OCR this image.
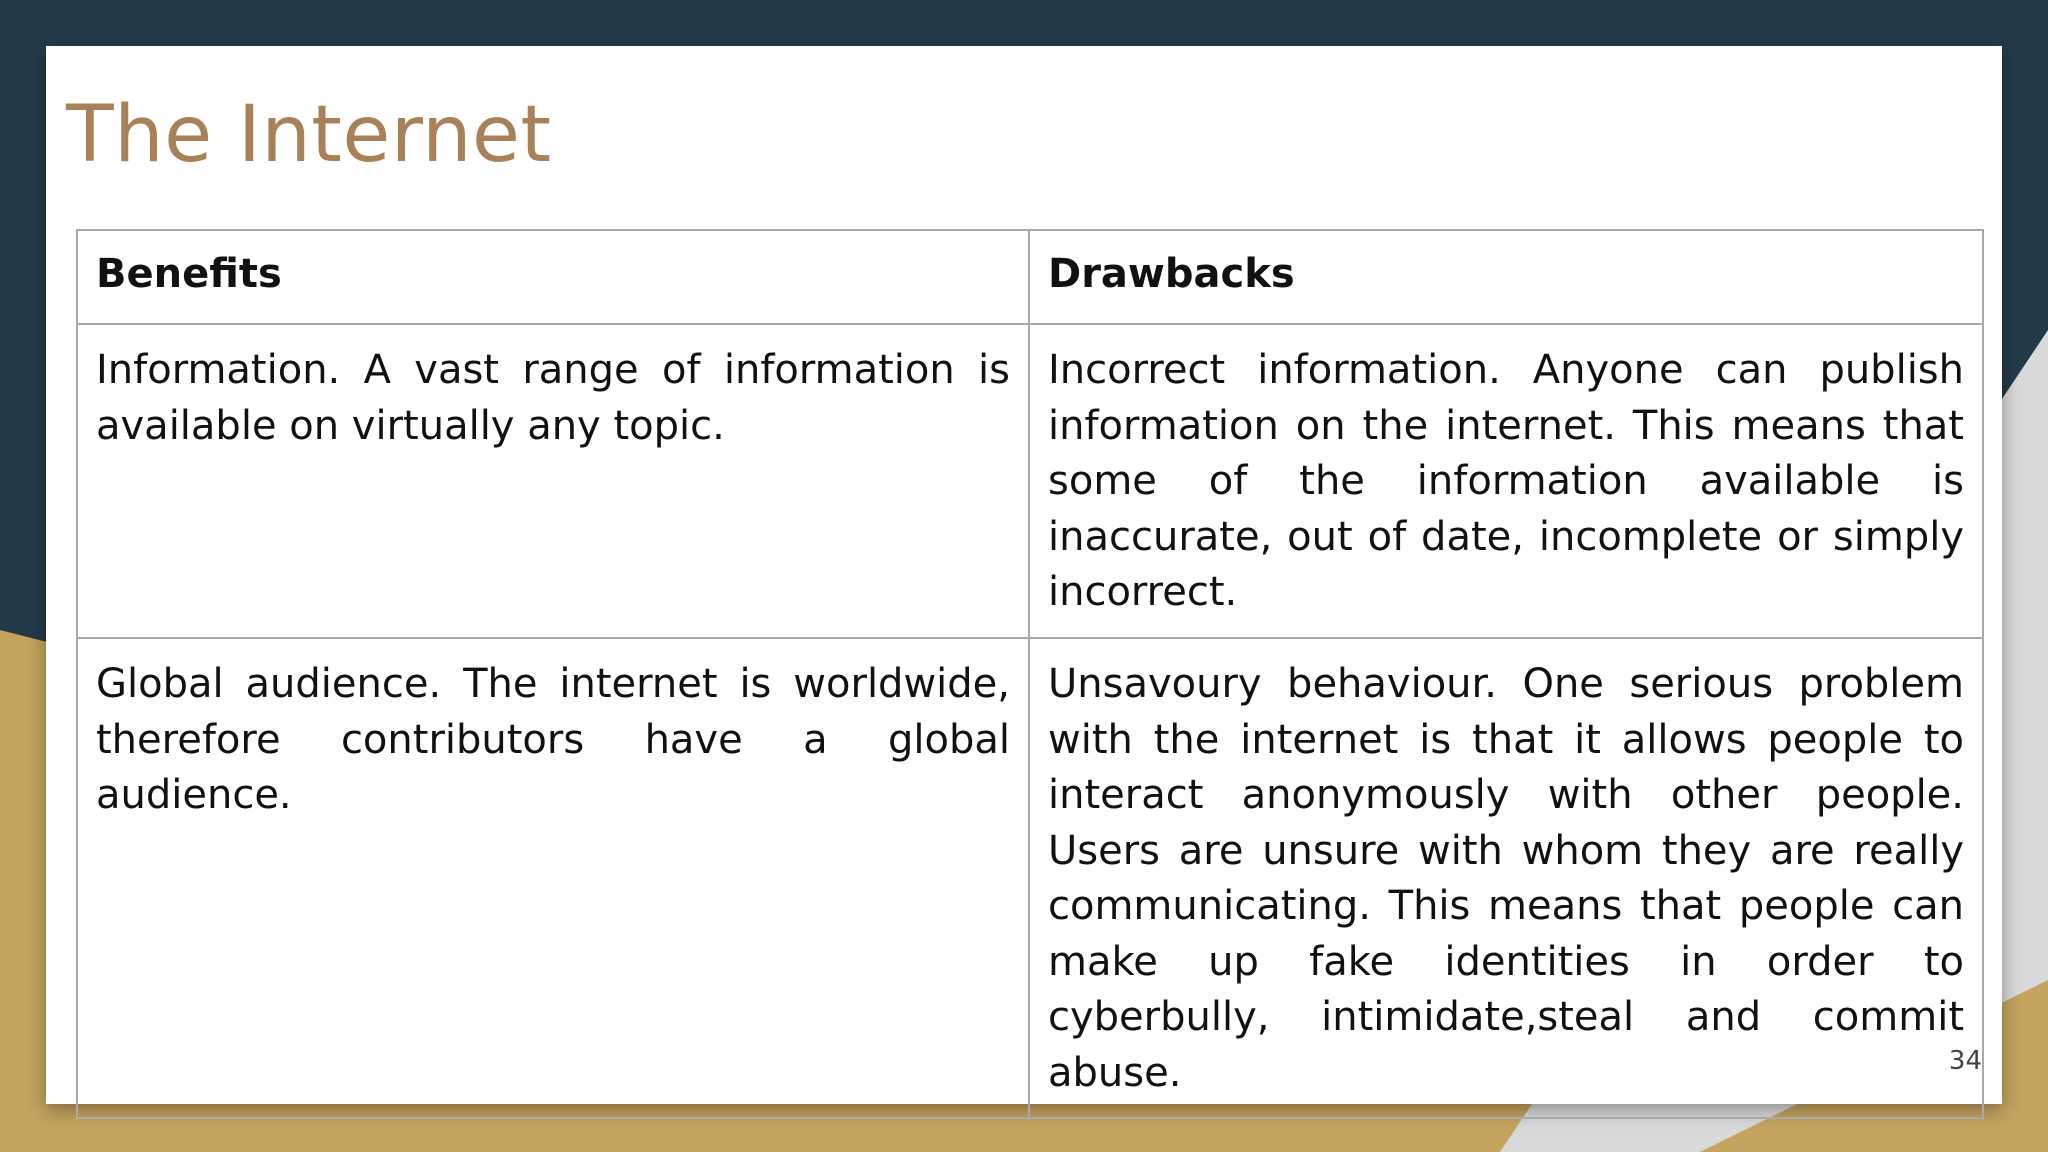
The Internet
Benefits	Drawbacks
Information. A vast range of information is available on virtually any topic.	Incorrect information. Anyone can publish information on the internet. This means that some of the information available is inaccurate, out of date, incomplete or simply incorrect.
Global audience. The internet is worldwide, therefore contributors have a global audience.	Unsavoury behaviour. One serious problem with the internet is that it allows people to interact anonymously with other people. Users are unsure with whom they are really communicating. This means that people can make up fake identities in order to cyberbully, intimidate,steal and commit abuse.	34
